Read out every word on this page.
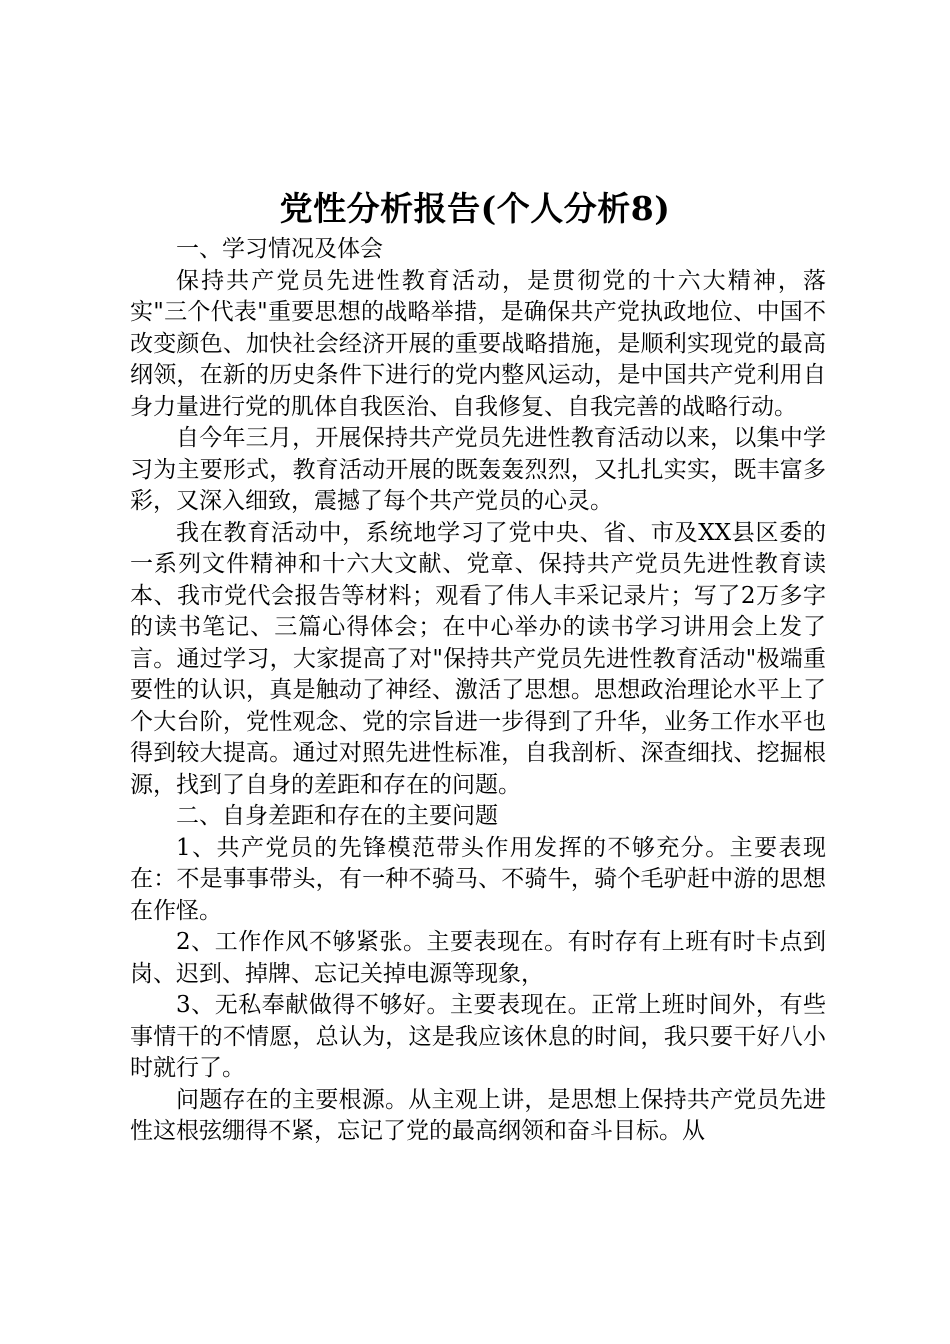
党性分析报告(个人分析8)

一、学习情况及体会

保持共产党员先进性教育活动，是贯彻党的十六大精神，落实"三个代表"重要思想的战略举措，是确保共产党执政地位、中国不改变颜色、加快社会经济开展的重要战略措施，是顺利实现党的最高纲领，在新的历史条件下进行的党内整风运动，是中国共产党利用自身力量进行党的肌体自我医治、自我修复、自我完善的战略行动。

自今年三月，开展保持共产党员先进性教育活动以来，以集中学习为主要形式，教育活动开展的既轰轰烈烈，又扎扎实实，既丰富多彩，又深入细致，震撼了每个共产党员的心灵。

我在教育活动中，系统地学习了党中央、省、市及XX县区委的一系列文件精神和十六大文献、党章、保持共产党员先进性教育读本、我市党代会报告等材料；观看了伟人丰采记录片；写了2万多字的读书笔记、三篇心得体会；在中心举办的读书学习讲用会上发了言。通过学习，大家提高了对"保持共产党员先进性教育活动"极端重要性的认识，真是触动了神经、激活了思想。思想政治理论水平上了个大台阶，党性观念、党的宗旨进一步得到了升华，业务工作水平也得到较大提高。通过对照先进性标准，自我剖析、深查细找、挖掘根源，找到了自身的差距和存在的问题。

二、自身差距和存在的主要问题

1、共产党员的先锋模范带头作用发挥的不够充分。主要表现在：不是事事带头，有一种不骑马、不骑牛，骑个毛驴赶中游的思想在作怪。

2、工作作风不够紧张。主要表现在。有时存有上班有时卡点到岗、迟到、掉牌、忘记关掉电源等现象，

3、无私奉献做得不够好。主要表现在。正常上班时间外，有些事情干的不情愿，总认为，这是我应该休息的时间，我只要干好八小时就行了。

问题存在的主要根源。从主观上讲，是思想上保持共产党员先进性这根弦绷得不紧，忘记了党的最高纲领和奋斗目标。从
